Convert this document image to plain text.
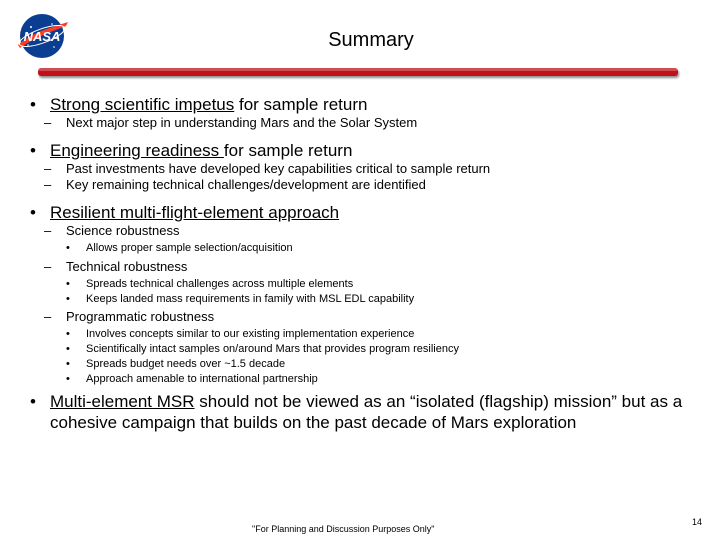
NASA	Summary
• Strong scientific impetus for sample return
– Next major step in understanding Mars and the Solar System
• Engineering readiness for sample return
– Past investments have developed key capabilities critical to sample return
– Key remaining technical challenges/development are identified
• Resilient multi-flight-element approach
– Science robustness
• Allows proper sample selection/acquisition
– Technical robustness
• Spreads technical challenges across multiple elements
• Keeps landed mass requirements in family with MSL EDL capability
– Programmatic robustness
• Involves concepts similar to our existing implementation experience
• Scientifically intact samples on/around Mars that provides program resiliency
• Spreads budget needs over ~1.5 decade
• Approach amenable to international partnership
• Multi-element MSR should not be viewed as an “isolated (flagship) mission” but as a cohesive campaign that builds on the past decade of Mars exploration
"For Planning and Discussion Purposes Only"
14
